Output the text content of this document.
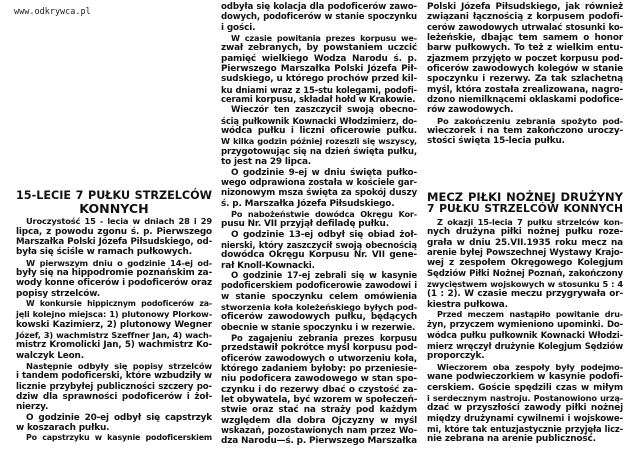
www.odkrywca.pl
15-LECIE 7 PUŁKU STRZELCÓW
KONNYCH
Uroczystość 15 - lecia w dniach 28 i 29
lipca, z powodu zgonu ś. p. Pierwszego
Marszałka Polski Józefa Piłsudskiego, od-
była się ściśle w ramach pułkowych.
W pierwszym dniu o godzinie 14-ej od-
były się na hippodromie poznańskim za-
wody konne oficerów i podoficerów oraz
popisy strzelców.
W konkursie hippicznym podoficerów za-
jęli kolejno miejsca: 1) plutonowy Plorkow-
kowski Kazimierz, 2) plutonowy Wegner
Józef, 3) wachmistrz Szeffner Jan, 4) wach-
mistrz Kromolicki Jan, 5) wachmistrz Ko-
walczyk Leon.
Następnie odbyły się popisy strzelców
i tandem podoficerski, które wzbudziły w
licznie przybyłej publiczności szczery po-
dziw dla sprawności podoficerów i żoł-
nierzy.
O godzinie 20-ej odbył się capstrzyk
w koszarach pułku.
Po capstrzyku w kasynie podoficerskiem
odbyła się kolacja dla podoficerów zawo-
dowych, podoficerów w stanie spoczynku
i gości.
W czasie powitania prezes korpusu we-
zwał zebranych, by powstaniem uczcić
pamięć wielkiego Wodza Narodu ś. p.
Pierwszego Marszałka Polski Józefa Pił-
sudskiego, u którego prochów przed kil-
ku dniami wraz z 15-stu kolegami, podofi-
cerami korpusu, składał hołd w Krakowie.
Wieczór ten zaszczycił swoją obecno-
ścią pułkownik Kownacki Włodzimierz, do-
wódca pułku i liczni oficerowie pułku.
W kilka godzin później rozeszli się wszyscy,
przygotowując się na dzień święta pułku,
to jest na 29 lipca.
O godzinie 9-ej w dniu święta pułko-
wego odprawiona została w kościele gar-
nizonowym msza święta za spokój duszy
ś. p. Marszałka Józefa Piłsudskiego.
Po nabożeństwie dowódca Okręgu Kor-
pusu Nr. VII przyjął defiladę pułku.
O godzinie 13-ej odbył się obiad żoł-
nierski, który zaszczycił swoją obecnością
dowódca Okręgu Korpusu Nr. VII gene-
rał Knoll-Kownacki.
O godzinie 17-ej zebrali się w kasynie
podoficerskiem podoficerowie zawodowi i
w stanie spoczynku celem omówienia
stworzenia koła koleżeńskiego byłych pod-
oficerów zawodowych pułku, będących
obecnie w stanie spoczynku i w rezerwie.
Po zagajeniu zebrania prezes korpusu
przedstawił pokrótce myśl korpusu pod-
oficerów zawodowych o utworzeniu koła,
którego zadaniem byłoby: po przeniesie-
niu podoficera zawodowego w stan spo-
czynku i do rezerwy dbać o czystość za-
let obywatela, być wzorem w społeczeń-
stwie oraz stać na straży pod każdym
względem dla dobra Ojczyzny w myśl
wskazań, pozostawionych nam przez Wo-
dza Narodu—ś. p. Pierwszego Marszałka
Polski Józefa Piłsudskiego, jak również
związani łącznością z korpusem podofi-
cerów zawodowych utrwalać stosunki ko-
leżeńskie, dbając tem samem o honor
barw pułkowych. To też z wielkim entu-
zjazmem przyjęto w poczet korpusu pod-
oficerów zawodowych kolegów w stanie
spoczynku i rezerwy. Za tak szlachetną
myśl, która została zrealizowana, nagro-
dzono niemilknącemi oklaskami podofice-
rów zawodowych.
Po zakończeniu zebrania spożyto pod-
wieczorek i na tem zakończono uroczy-
stości święta 15-lecia pułku.
MECZ PIŁKI NOŻNEJ DRUŻYNY
7 PUŁKU STRZELCÓW KONNYCH
Z okazji 15-lecia 7 pułku strzelców kon-
nych drużyna piłki nożnej pułku roze-
grała w dniu 25.VII.1935 roku mecz na
arenie byłej Powszechnej Wystawy Krajo-
wej z zespołem Okręgowego Kolegjum
Sędziów Piłki Nożnej Poznań, zakończony
zwycięstwem wojskowych w stosunku 5 : 4
(1 : 2). W czasie meczu przygrywała or-
kiestra pułkowa.
Przed meczem nastąpiło powitanie dru-
żyn, przyczem wymieniono upominki. Do-
wódca pułku pułkownik Kownacki Włodzi-
mierz wręczył drużynie Kolegjum Sędziów
proporczyk.
Wieczorem oba zespoły były podejmo-
wane podwieczorkiem w kasynie podofi-
cerskiem. Goście spędzili czas w miłym
i serdecznym nastroju. Postanowiono urzą-
dzać w przyszłości zawody piłki nożnej
między drużynami cywilnemi i wojskowe-
mi, które tak entuzjastycznie przyjęła licz-
nie zebrana na arenie publiczność.
